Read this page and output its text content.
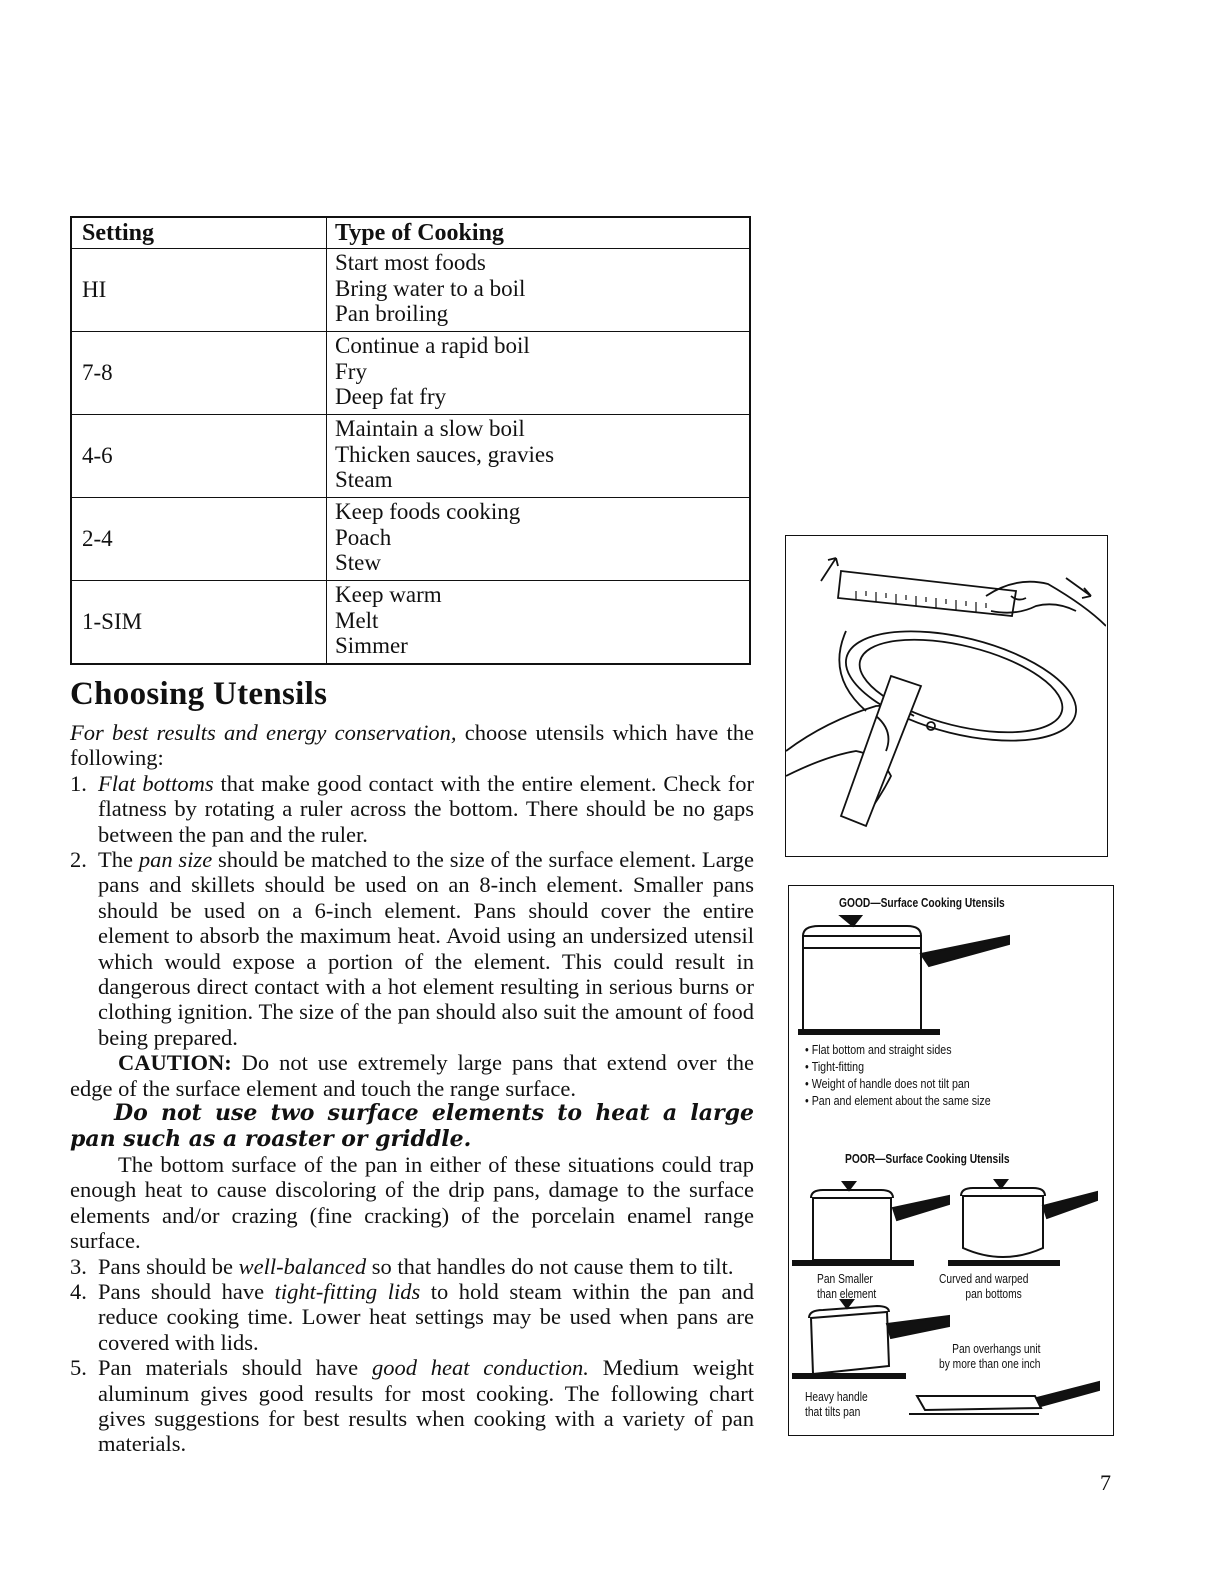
Setting	Type of Cooking
HI
Start most foods
Bring water to a boil
Pan broiling
7-8
Continue a rapid boil
Fry
Deep fat fry
4-6
Maintain a slow boil
Thicken sauces, gravies
Steam
2-4
Keep foods cooking
Poach
Stew
1-SIM
Keep warm
Melt
Simmer
Choosing Utensils

For best results and energy conservation, choose utensils which have the following:

1. Flat bottoms that make good contact with the entire element. Check for flatness by rotating a ruler across the bottom. There should be no gaps between the pan and the ruler.
2. The pan size should be matched to the size of the surface element. Large pans and skillets should be used on an 8-inch element. Smaller pans should be used on a 6-inch element. Pans should cover the entire element to absorb the maximum heat. Avoid using an undersized utensil which would expose a portion of the element. This could result in dangerous direct contact with a hot element resulting in serious burns or clothing ignition. The size of the pan should also suit the amount of food being prepared.

CAUTION: Do not use extremely large pans that extend over the edge of the surface element and touch the range surface.

Do not use two surface elements to heat a large pan such as a roaster or griddle.

The bottom surface of the pan in either of these situations could trap enough heat to cause discoloring of the drip pans, damage to the surface elements and/or crazing (fine cracking) of the porcelain enamel range surface.

3. Pans should be well-balanced so that handles do not cause them to tilt.
4. Pans should have tight-fitting lids to hold steam within the pan and reduce cooking time. Lower heat settings may be used when pans are covered with lids.
5. Pan materials should have good heat conduction. Medium weight aluminum gives good results for most cooking. The following chart gives suggestions for best results when cooking with a variety of pan materials.
GOOD—Surface Cooking Utensils
• Flat bottom and straight sides
• Tight-fitting
• Weight of handle does not tilt pan
• Pan and element about the same size
POOR—Surface Cooking Utensils
Pan Smaller
than element
Curved and warped
pan bottoms
Pan overhangs unit
by more than one inch
Heavy handle
that tilts pan
7
